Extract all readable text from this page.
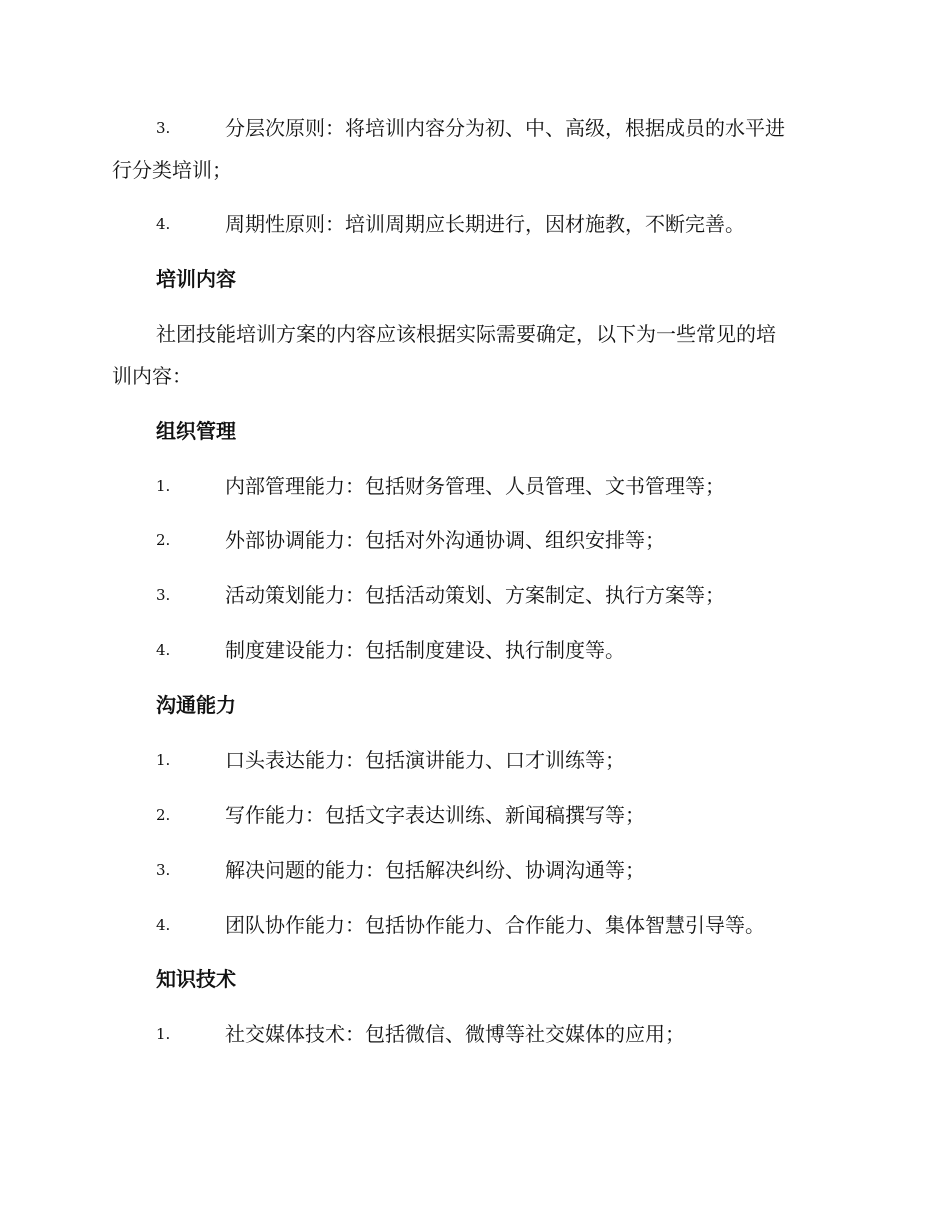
3.	分层次原则：将培训内容分为初、中、高级，根据成员的水平进
行分类培训；
4.	周期性原则：培训周期应长期进行，因材施教，不断完善。
培训内容
社团技能培训方案的内容应该根据实际需要确定，以下为一些常见的培
训内容：
组织管理
1.	内部管理能力：包括财务管理、人员管理、文书管理等；
2.	外部协调能力：包括对外沟通协调、组织安排等；
3.	活动策划能力：包括活动策划、方案制定、执行方案等；
4.	制度建设能力：包括制度建设、执行制度等。
沟通能力
1.	口头表达能力：包括演讲能力、口才训练等；
2.	写作能力：包括文字表达训练、新闻稿撰写等；
3.	解决问题的能力：包括解决纠纷、协调沟通等；
4.	团队协作能力：包括协作能力、合作能力、集体智慧引导等。
知识技术
1.	社交媒体技术：包括微信、微博等社交媒体的应用；
